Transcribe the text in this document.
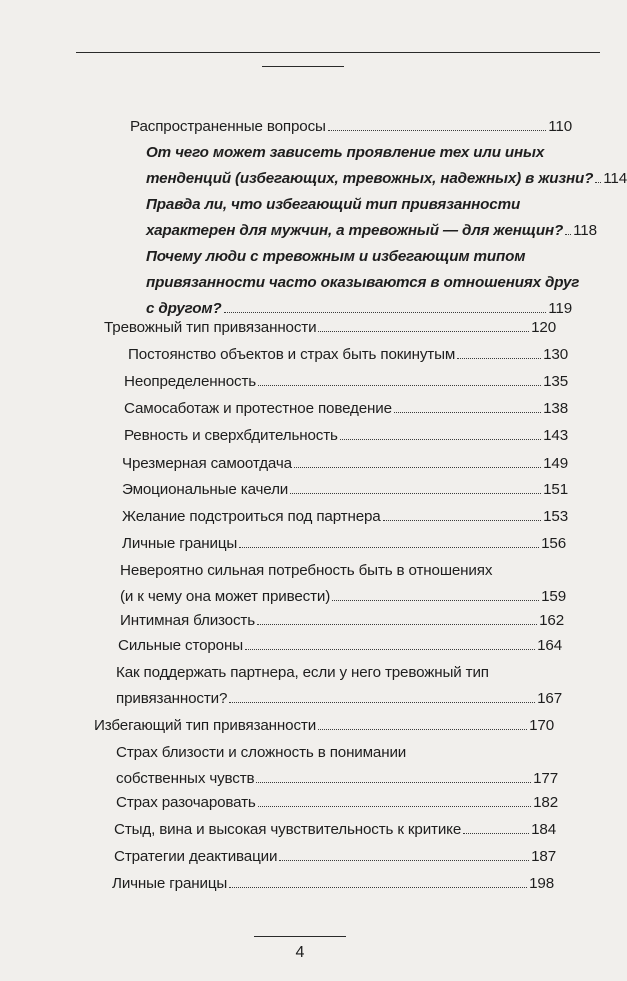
Распространенные вопросы	110
От чего может зависеть проявление тех или иных
тенденций (избегающих, тревожных, надежных) в жизни? 114
Правда ли, что избегающий тип привязанности
характерен для мужчин, а тревожный — для женщин? 118
Почему люди с тревожным и избегающим типом
привязанности часто оказываются в отношениях друг
с другом?	119
Тревожный тип привязанности	120
Постоянство объектов и страх быть покинутым	130
Неопределенность	135
Самосаботаж и протестное поведение	138
Ревность и сверхбдительность	143
Чрезмерная самоотдача	149
Эмоциональные качели	151
Желание подстроиться под партнера	153
Личные границы	156
Невероятно сильная потребность быть в отношениях
(и к чему она может привести)	159
Интимная близость	162
Сильные стороны	164
Как поддержать партнера, если у него тревожный тип
привязанности?	167
Избегающий тип привязанности	170
Страх близости и сложность в понимании
собственных чувств	177
Страх разочаровать	182
Стыд, вина и высокая чувствительность к критике	184
Стратегии деактивации	187
Личные границы	198
4
